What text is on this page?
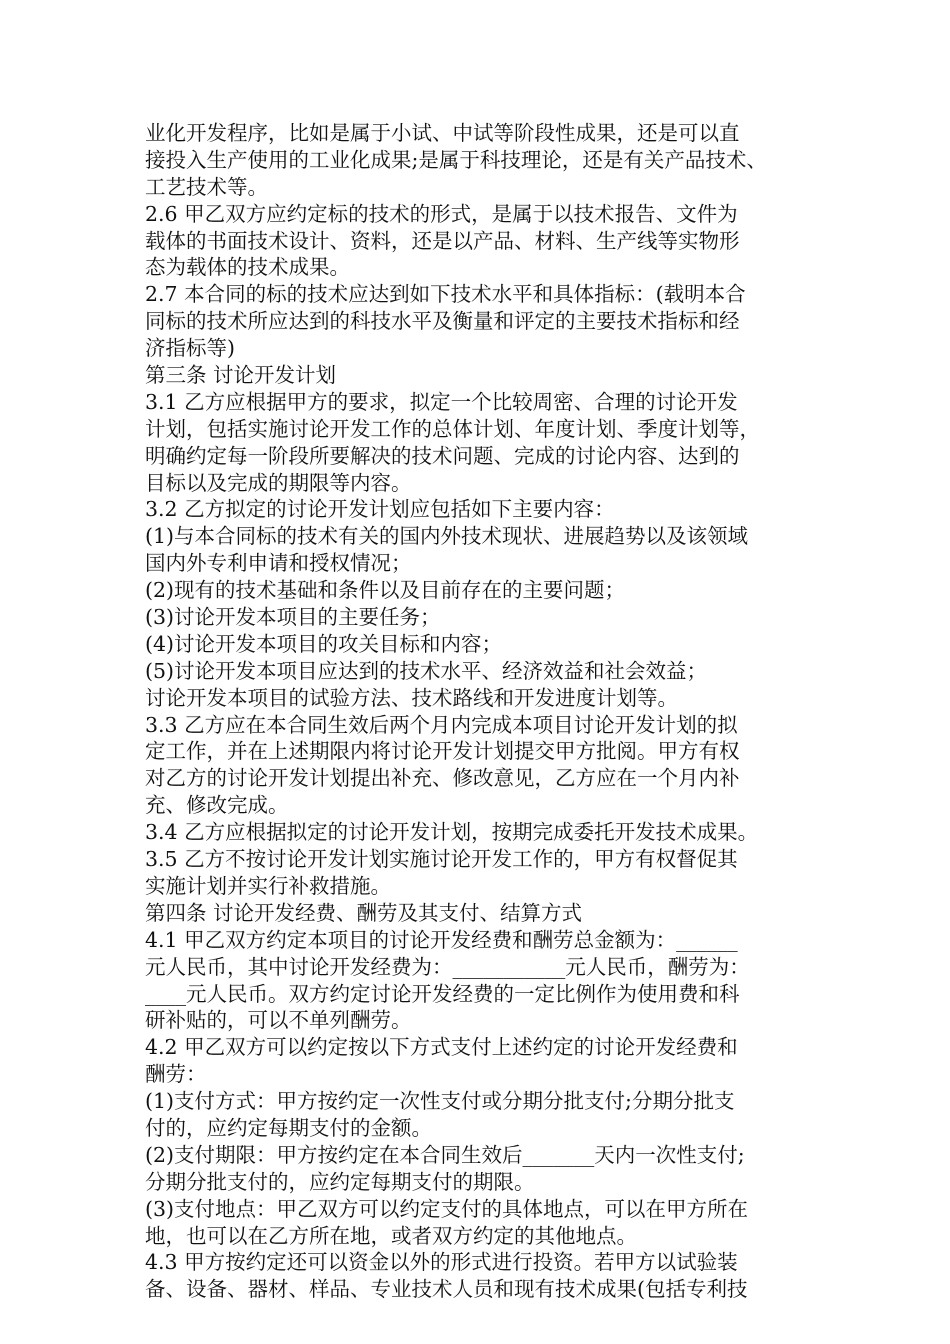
业化开发程序，比如是属于小试、中试等阶段性成果，还是可以直
接投入生产使用的工业化成果;是属于科技理论，还是有关产品技术、
工艺技术等。
2.6 甲乙双方应约定标的技术的形式，是属于以技术报告、文件为
载体的书面技术设计、资料，还是以产品、材料、生产线等实物形
态为载体的技术成果。
2.7 本合同的标的技术应达到如下技术水平和具体指标：(载明本合
同标的技术所应达到的科技水平及衡量和评定的主要技术指标和经
济指标等)
第三条 讨论开发计划
3.1 乙方应根据甲方的要求，拟定一个比较周密、合理的讨论开发
计划，包括实施讨论开发工作的总体计划、年度计划、季度计划等，
明确约定每一阶段所要解决的技术问题、完成的讨论内容、达到的
目标以及完成的期限等内容。
3.2 乙方拟定的讨论开发计划应包括如下主要内容：
(1)与本合同标的技术有关的国内外技术现状、进展趋势以及该领域
国内外专利申请和授权情况；
(2)现有的技术基础和条件以及目前存在的主要问题；
(3)讨论开发本项目的主要任务；
(4)讨论开发本项目的攻关目标和内容；
(5)讨论开发本项目应达到的技术水平、经济效益和社会效益；
讨论开发本项目的试验方法、技术路线和开发进度计划等。
3.3 乙方应在本合同生效后两个月内完成本项目讨论开发计划的拟
定工作，并在上述期限内将讨论开发计划提交甲方批阅。甲方有权
对乙方的讨论开发计划提出补充、修改意见，乙方应在一个月内补
充、修改完成。
3.4 乙方应根据拟定的讨论开发计划，按期完成委托开发技术成果。
3.5 乙方不按讨论开发计划实施讨论开发工作的，甲方有权督促其
实施计划并实行补救措施。
第四条 讨论开发经费、酬劳及其支付、结算方式
4.1 甲乙双方约定本项目的讨论开发经费和酬劳总金额为：______
元人民币，其中讨论开发经费为：___________元人民币，酬劳为：
____元人民币。双方约定讨论开发经费的一定比例作为使用费和科
研补贴的，可以不单列酬劳。
4.2 甲乙双方可以约定按以下方式支付上述约定的讨论开发经费和
酬劳：
(1)支付方式：甲方按约定一次性支付或分期分批支付;分期分批支
付的，应约定每期支付的金额。
(2)支付期限：甲方按约定在本合同生效后_______天内一次性支付;
分期分批支付的，应约定每期支付的期限。
(3)支付地点：甲乙双方可以约定支付的具体地点，可以在甲方所在
地，也可以在乙方所在地，或者双方约定的其他地点。
4.3 甲方按约定还可以资金以外的形式进行投资。若甲方以试验装
备、设备、器材、样品、专业技术人员和现有技术成果(包括专利技
